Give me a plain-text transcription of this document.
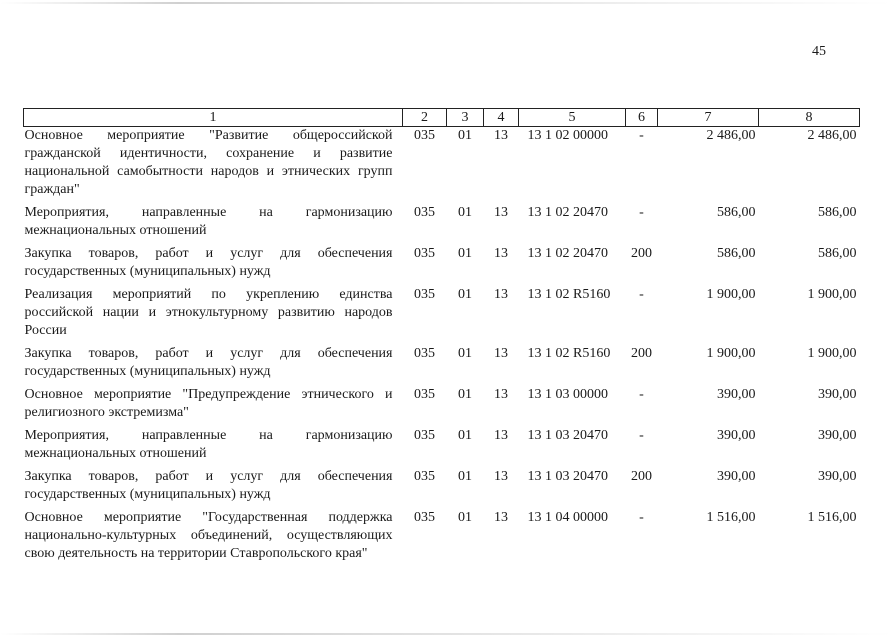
45
1	2	3	4	5	6	7	8
Основное мероприятие "Развитие общероссийской гражданской идентичности, сохранение и развитие национальной самобытности народов и этнических групп граждан"	035	01	13	13 1 02 00000	-	2 486,00	2 486,00
Мероприятия, направленные на гармонизацию межнациональных отношений	035	01	13	13 1 02 20470	-	586,00	586,00
Закупка товаров, работ и услуг для обеспечения государственных (муниципальных) нужд	035	01	13	13 1 02 20470	200	586,00	586,00
Реализация мероприятий по укреплению единства российской нации и этнокультурному развитию народов России	035	01	13	13 1 02 R5160	-	1 900,00	1 900,00
Закупка товаров, работ и услуг для обеспечения государственных (муниципальных) нужд	035	01	13	13 1 02 R5160	200	1 900,00	1 900,00
Основное мероприятие "Предупреждение этнического и религиозного экстремизма"	035	01	13	13 1 03 00000	-	390,00	390,00
Мероприятия, направленные на гармонизацию межнациональных отношений	035	01	13	13 1 03 20470	-	390,00	390,00
Закупка товаров, работ и услуг для обеспечения государственных (муниципальных) нужд	035	01	13	13 1 03 20470	200	390,00	390,00
Основное мероприятие "Государственная поддержка национально-культурных объединений, осуществляющих свою деятельность на территории Ставропольского края"	035	01	13	13 1 04 00000	-	1 516,00	1 516,00
